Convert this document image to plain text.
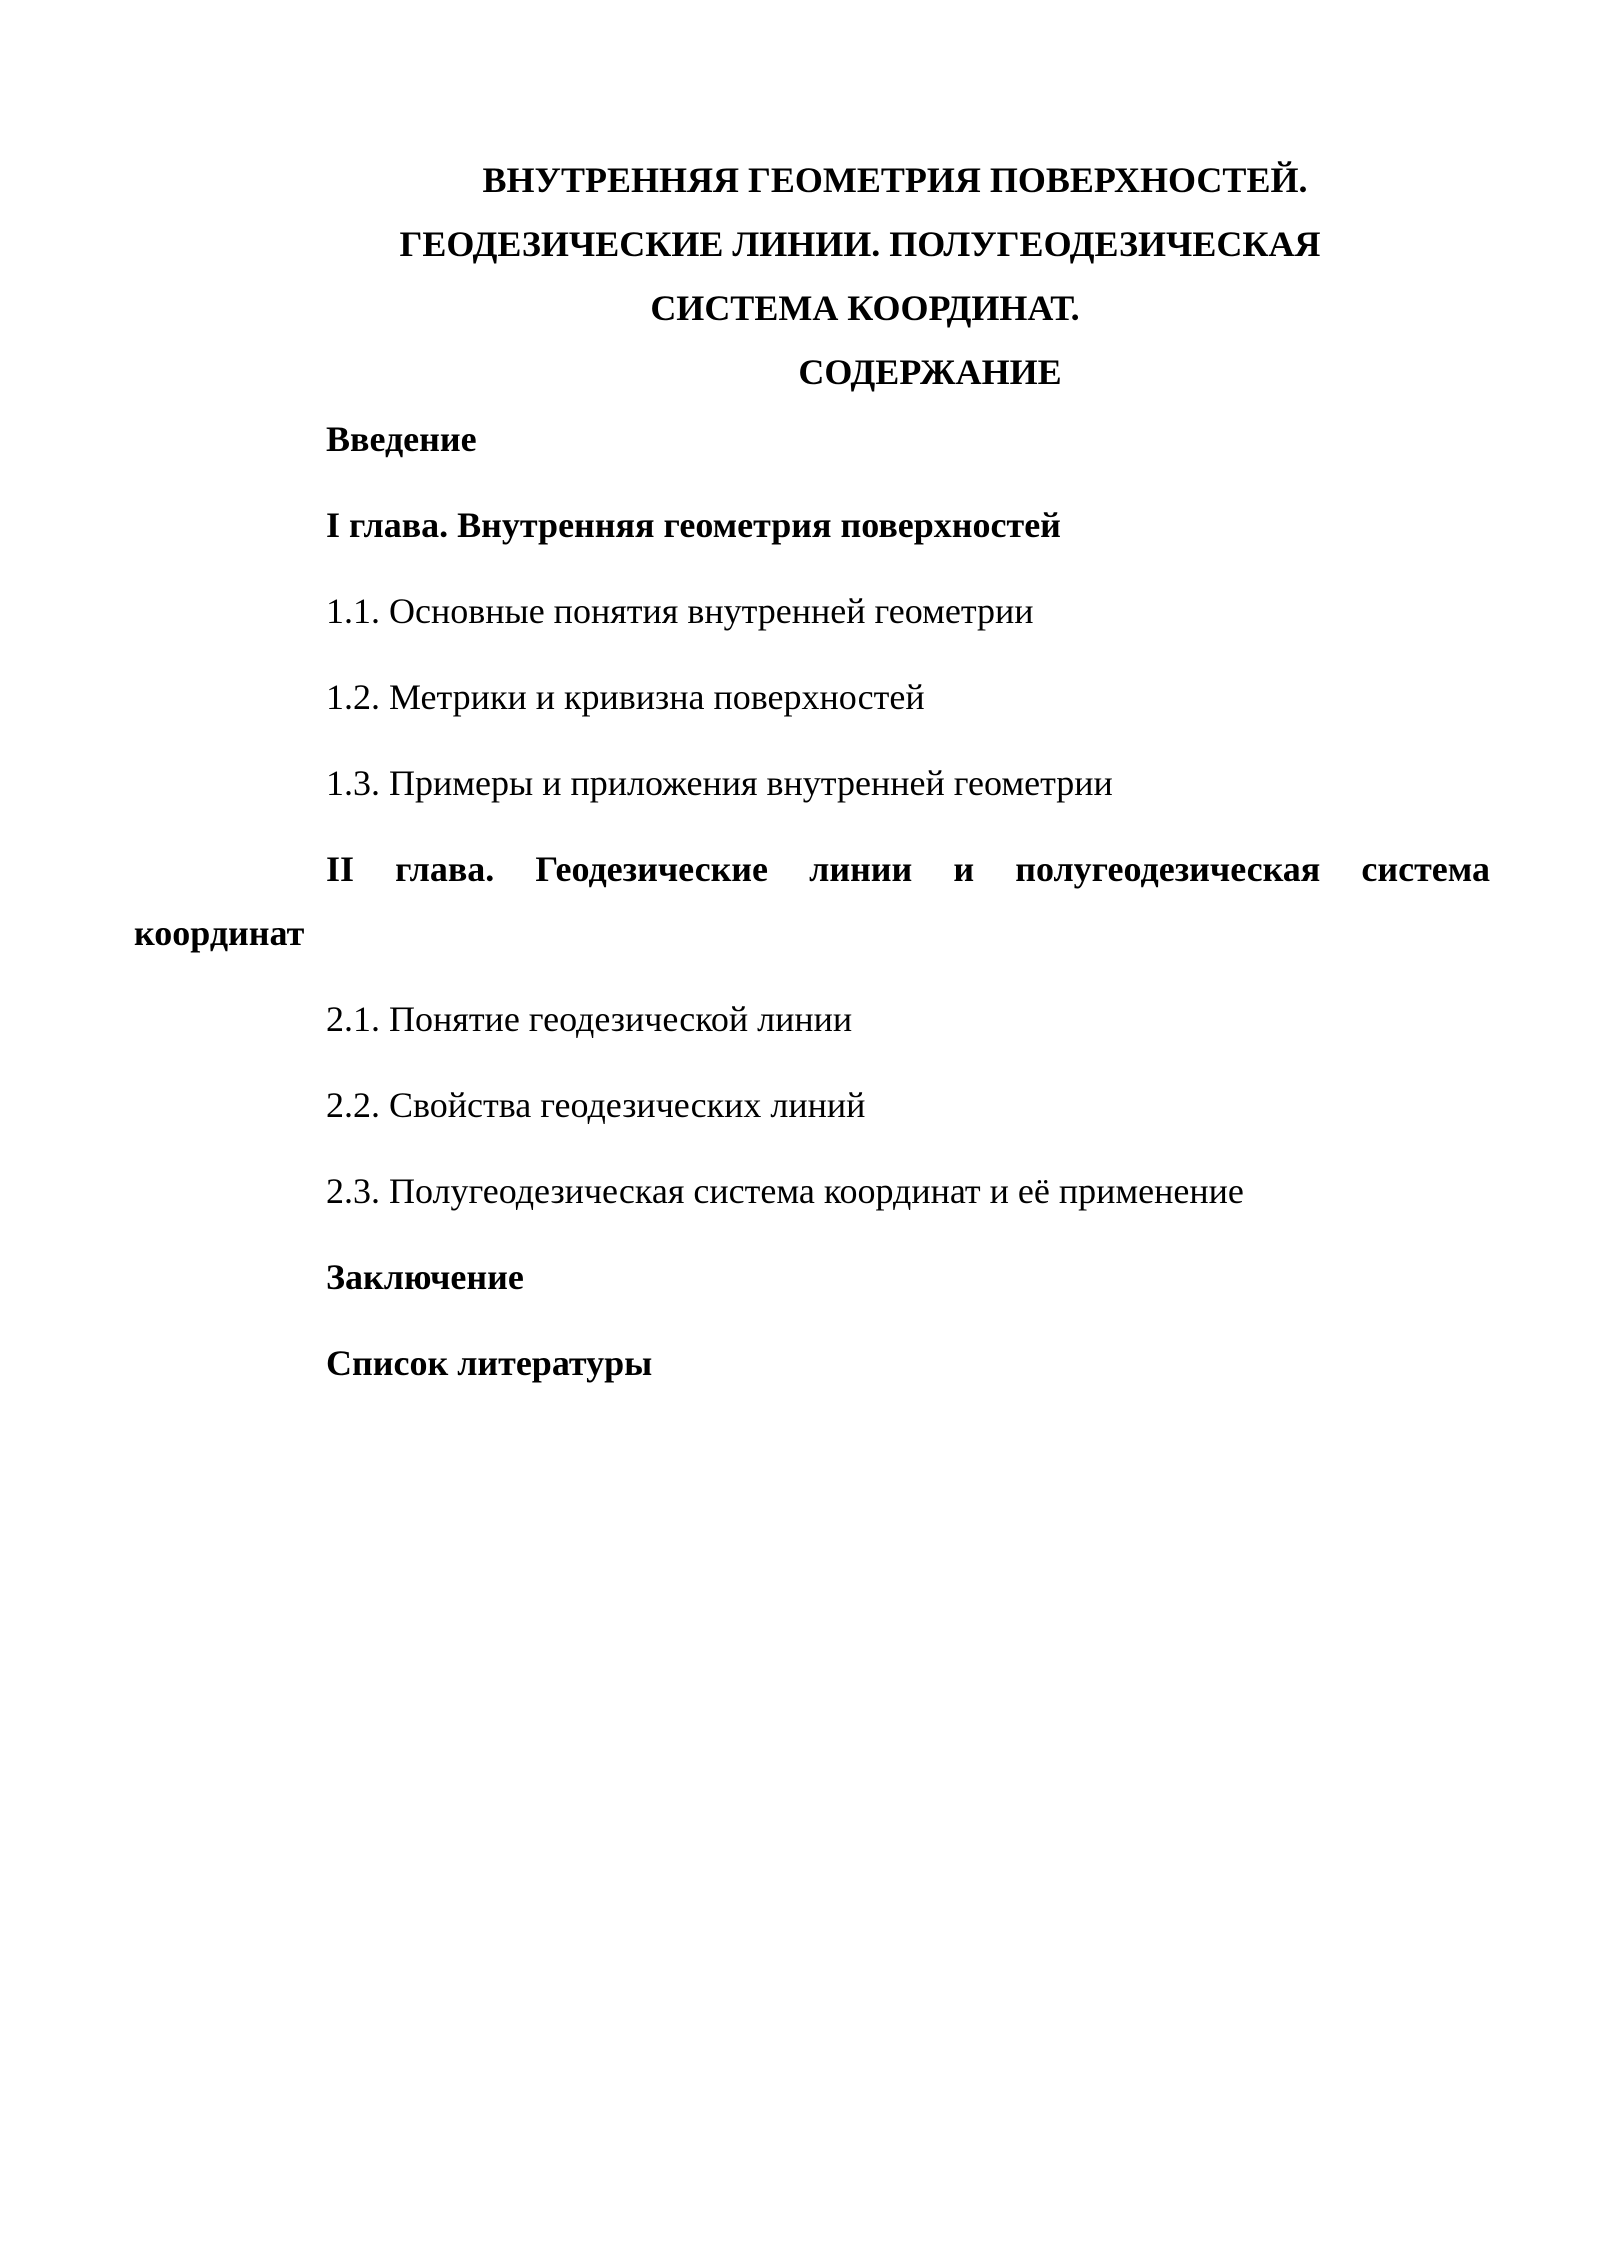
ВНУТРЕННЯЯ ГЕОМЕТРИЯ ПОВЕРХНОСТЕЙ.
ГЕОДЕЗИЧЕСКИЕ ЛИНИИ. ПОЛУГЕОДЕЗИЧЕСКАЯ
СИСТЕМА КООРДИНАТ.
СОДЕРЖАНИЕ
Введение
I глава. Внутренняя геометрия поверхностей
1.1. Основные понятия внутренней геометрии
1.2. Метрики и кривизна поверхностей
1.3. Примеры и приложения внутренней геометрии
II глава. Геодезические линии и полугеодезическая система
координат
2.1. Понятие геодезической линии
2.2. Свойства геодезических линий
2.3. Полугеодезическая система координат и её применение
Заключение
Список литературы
